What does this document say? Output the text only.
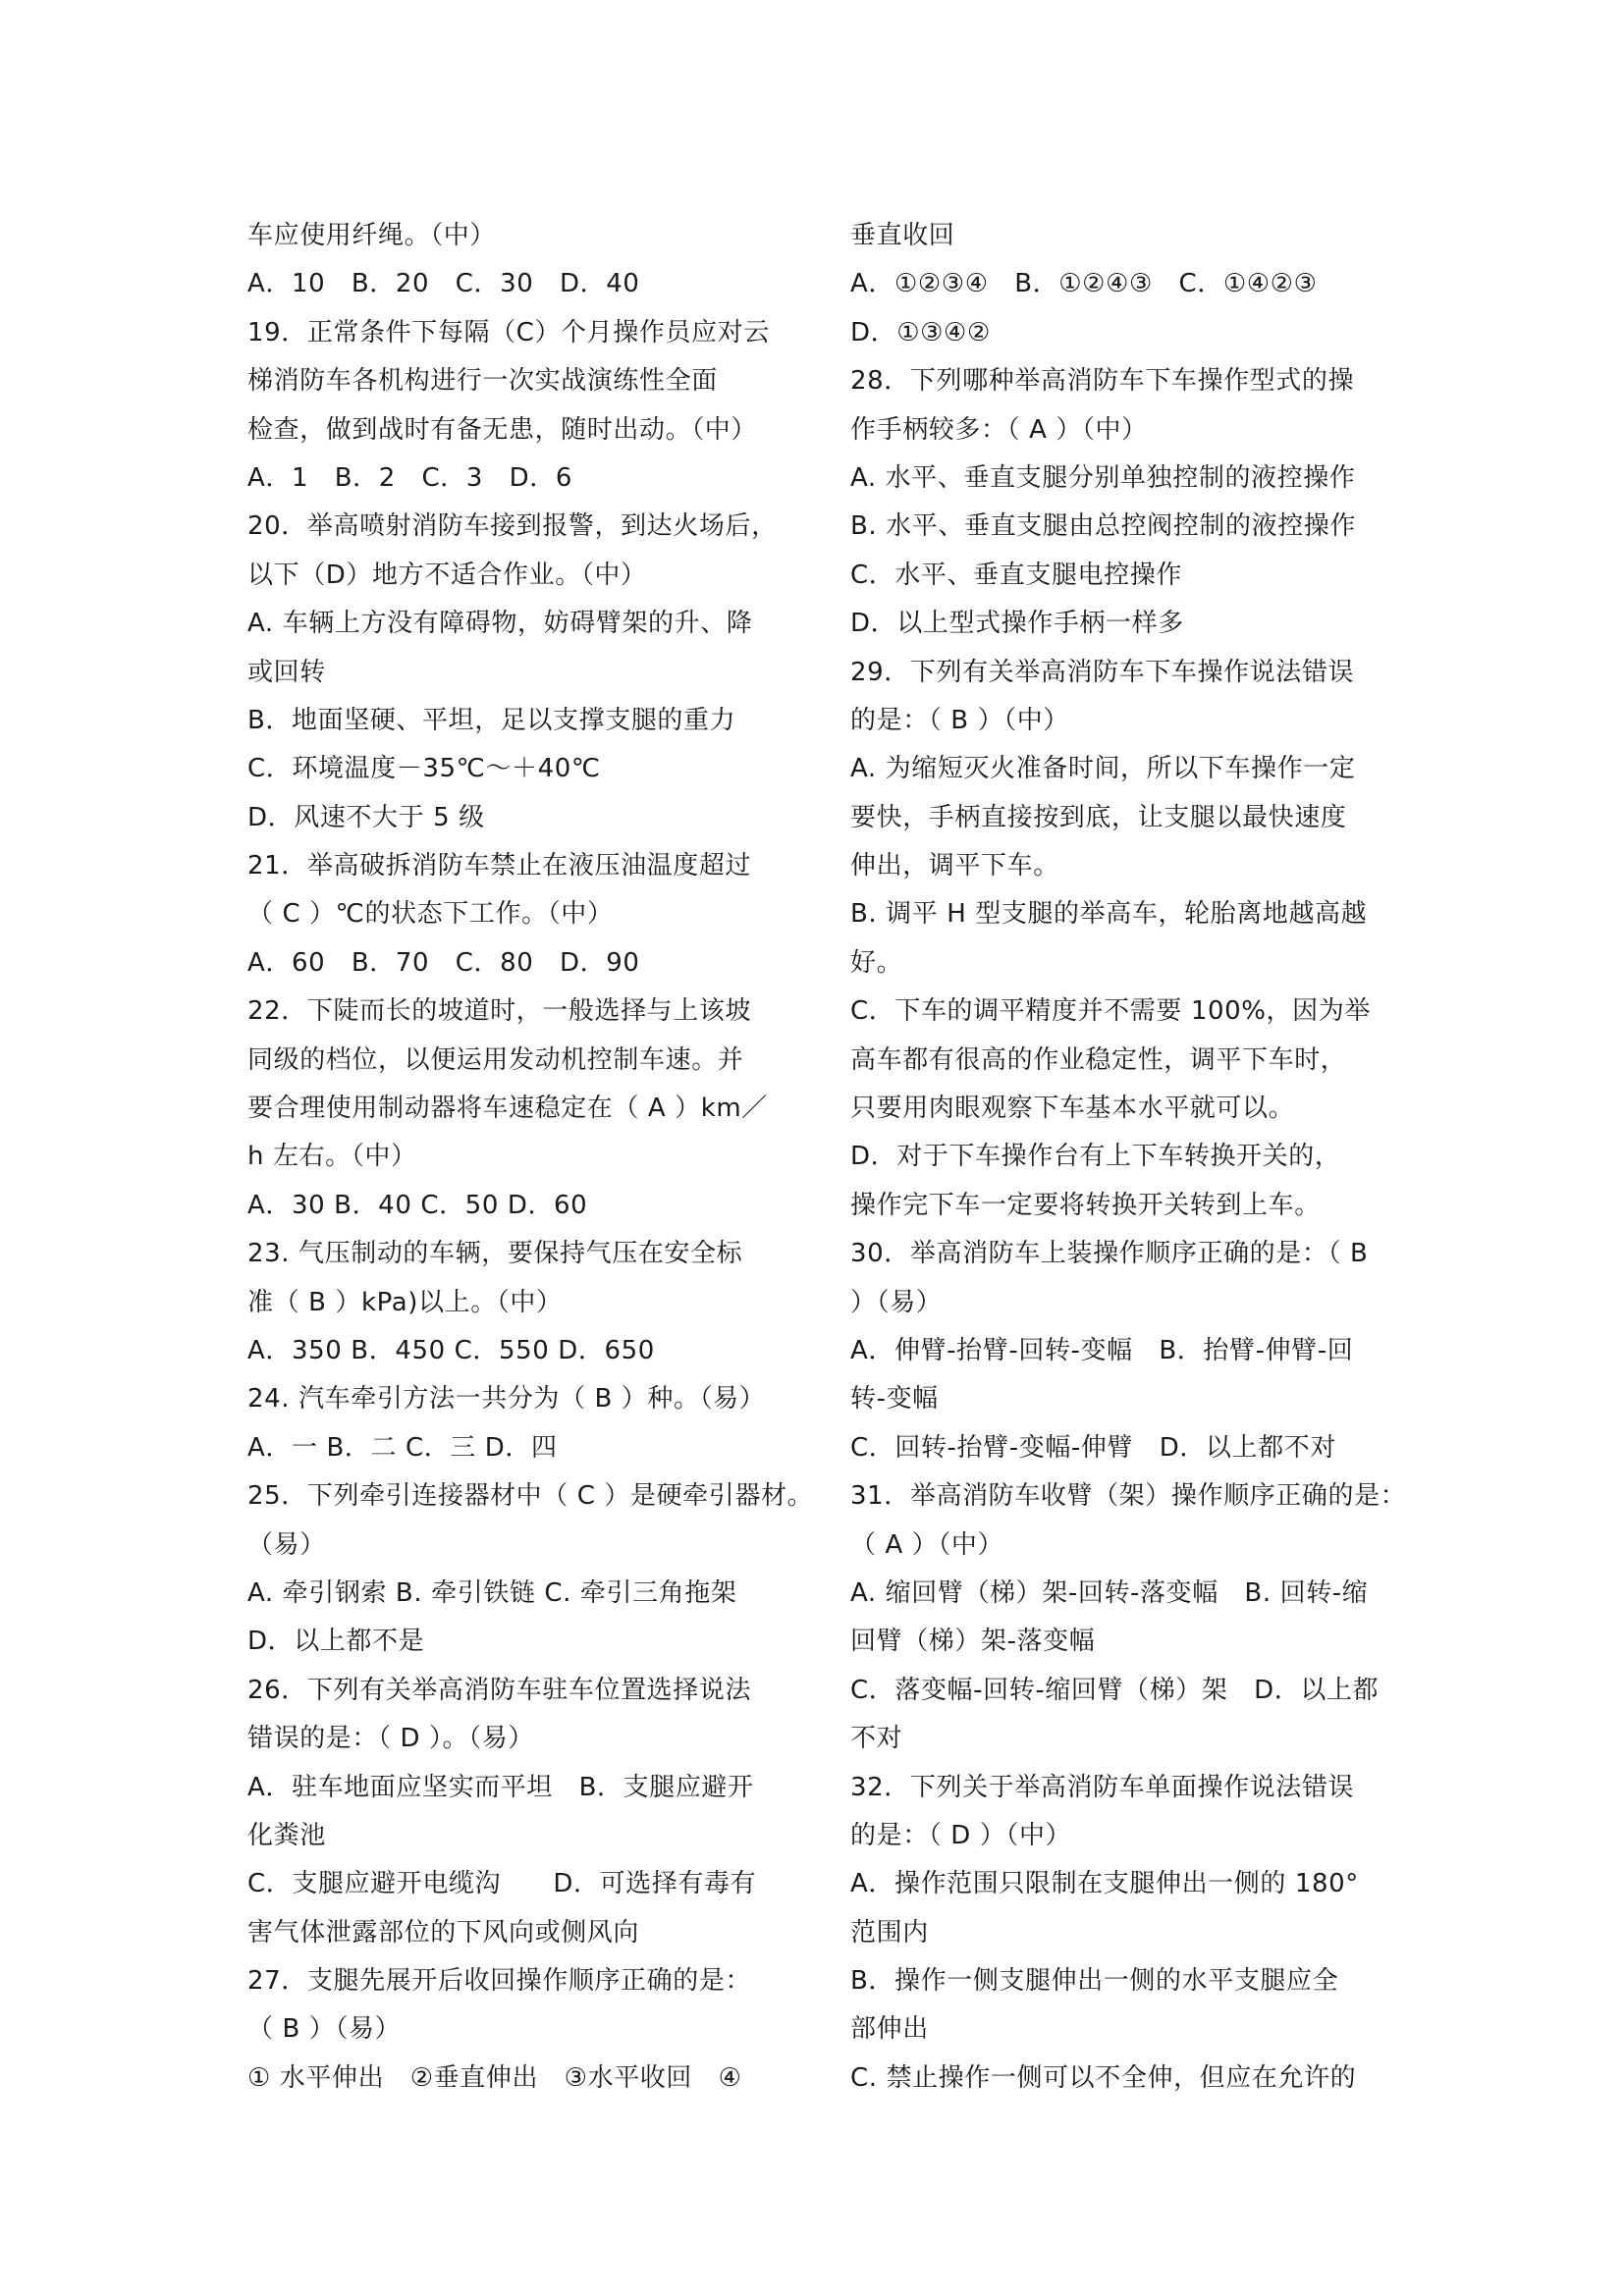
车应使用纤绳。（中）
A．10　B．20　C．30　D．40
19．正常条件下每隔（C）个月操作员应对云
梯消防车各机构进行一次实战演练性全面
检查，做到战时有备无患，随时出动。（中）
A．1　B．2　C．3　D．6
20．举高喷射消防车接到报警，到达火场后，
以下（D）地方不适合作业。（中）
A. 车辆上方没有障碍物，妨碍臂架的升、降
或回转
B．地面坚硬、平坦，足以支撑支腿的重力
C．环境温度－35℃～＋40℃
D．风速不大于 5 级
21．举高破拆消防车禁止在液压油温度超过
（ C ）℃的状态下工作。（中）
A．60　B．70　C．80　D．90
22．下陡而长的坡道时，一般选择与上该坡
同级的档位，以便运用发动机控制车速。并
要合理使用制动器将车速稳定在（ A ）km／
h 左右。（中）
A．30 B．40 C．50 D．60
23. 气压制动的车辆，要保持气压在安全标
准（ B ）kPa)以上。（中）
A．350 B．450 C．550 D．650
24. 汽车牵引方法一共分为（ B ）种。（易）
A．一 B．二 C．三 D．四
25．下列牵引连接器材中（ C ）是硬牵引器材。
（易）
A. 牵引钢索 B. 牵引铁链 C. 牵引三角拖架
D．以上都不是
26．下列有关举高消防车驻车位置选择说法
错误的是：（ D ）。（易）
A．驻车地面应坚实而平坦　B．支腿应避开
化粪池
C．支腿应避开电缆沟　　D．可选择有毒有
害气体泄露部位的下风向或侧风向
27．支腿先展开后收回操作顺序正确的是：
（ B ）（易）
① 水平伸出　②垂直伸出　③水平收回　④
垂直收回
A．①②③④　B．①②④③　C．①④②③
D．①③④②
28．下列哪种举高消防车下车操作型式的操
作手柄较多：（ A ）（中）
A. 水平、垂直支腿分别单独控制的液控操作
B. 水平、垂直支腿由总控阀控制的液控操作
C．水平、垂直支腿电控操作
D．以上型式操作手柄一样多
29．下列有关举高消防车下车操作说法错误
的是：（ B ）（中）
A. 为缩短灭火准备时间，所以下车操作一定
要快，手柄直接按到底，让支腿以最快速度
伸出，调平下车。
B. 调平 H 型支腿的举高车，轮胎离地越高越
好。
C．下车的调平精度并不需要 100%，因为举
高车都有很高的作业稳定性，调平下车时，
只要用肉眼观察下车基本水平就可以。
D．对于下车操作台有上下车转换开关的，
操作完下车一定要将转换开关转到上车。
30．举高消防车上装操作顺序正确的是：（ B
）（易）
A．伸臂-抬臂-回转-变幅　B．抬臂-伸臂-回
转-变幅
C．回转-抬臂-变幅-伸臂　D．以上都不对
31．举高消防车收臂（架）操作顺序正确的是：
（ A ）（中）
A. 缩回臂（梯）架-回转-落变幅　B. 回转-缩
回臂（梯）架-落变幅
C．落变幅-回转-缩回臂（梯）架　D．以上都
不对
32．下列关于举高消防车单面操作说法错误
的是：（ D ）（中）
A．操作范围只限制在支腿伸出一侧的 180°
范围内
B．操作一侧支腿伸出一侧的水平支腿应全
部伸出
C. 禁止操作一侧可以不全伸，但应在允许的
